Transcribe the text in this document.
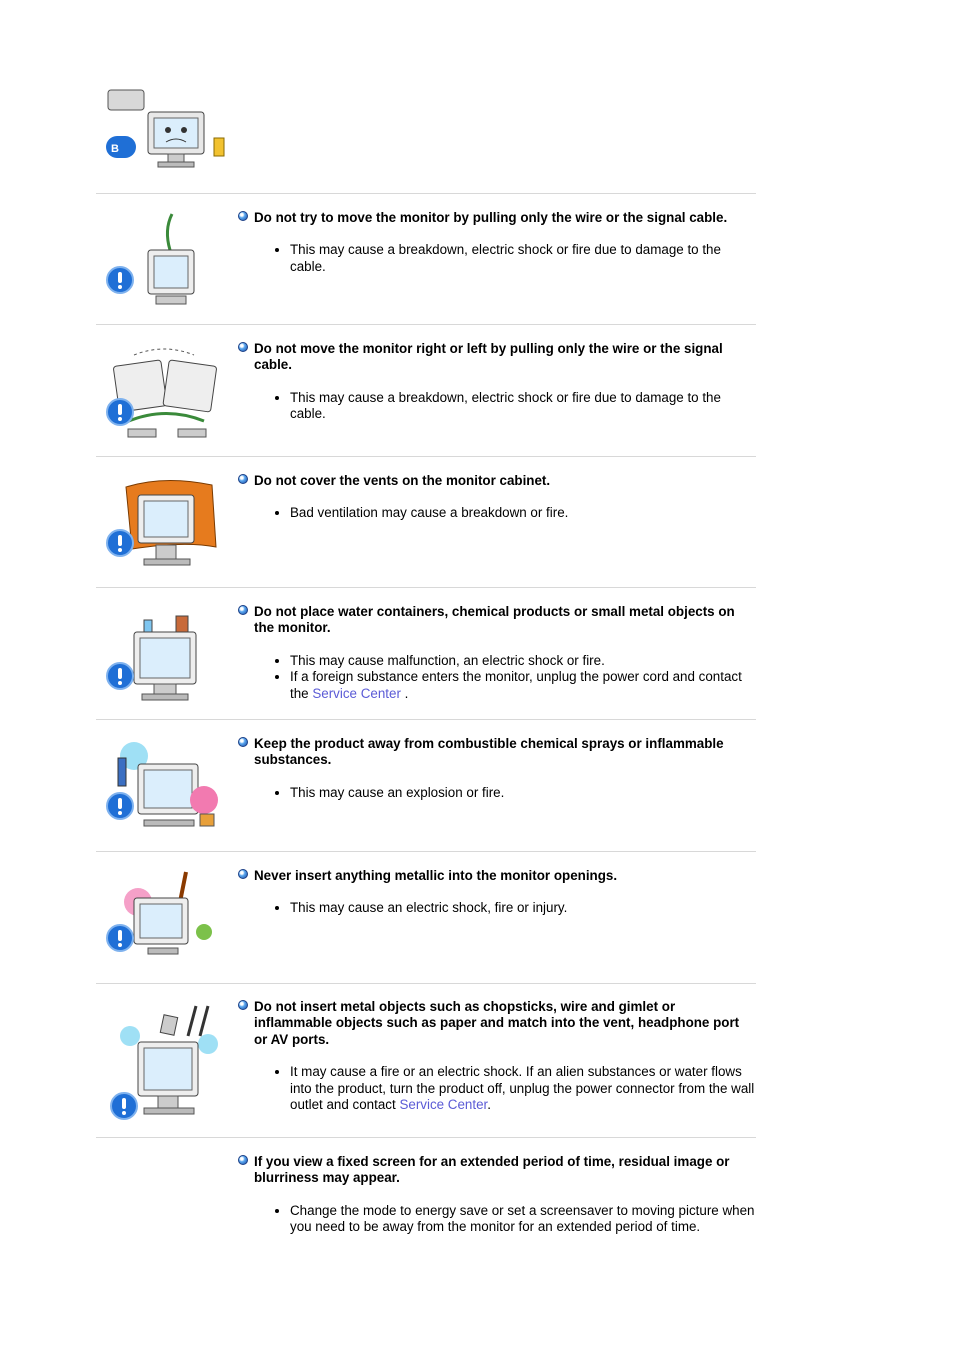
B
Do not try to move the monitor by pulling only the wire or the signal cable.
• This may cause a breakdown, electric shock or fire due to damage to the cable.
Do not move the monitor right or left by pulling only the wire or the signal cable.
• This may cause a breakdown, electric shock or fire due to damage to the cable.
Do not cover the vents on the monitor cabinet.
• Bad ventilation may cause a breakdown or fire.
Do not place water containers, chemical products or small metal objects on the monitor.
• This may cause malfunction, an electric shock or fire.
• If a foreign substance enters the monitor, unplug the power cord and contact the Service Center .
Keep the product away from combustible chemical sprays or inflammable substances.
• This may cause an explosion or fire.
Never insert anything metallic into the monitor openings.
• This may cause an electric shock, fire or injury.
Do not insert metal objects such as chopsticks, wire and gimlet or inflammable objects such as paper and match into the vent, headphone port or AV ports.
• It may cause a fire or an electric shock. If an alien substances or water flows into the product, turn the product off, unplug the power connector from the wall outlet and contact Service Center.
If you view a fixed screen for an extended period of time, residual image or blurriness may appear.
• Change the mode to energy save or set a screensaver to moving picture when you need to be away from the monitor for an extended period of time.
